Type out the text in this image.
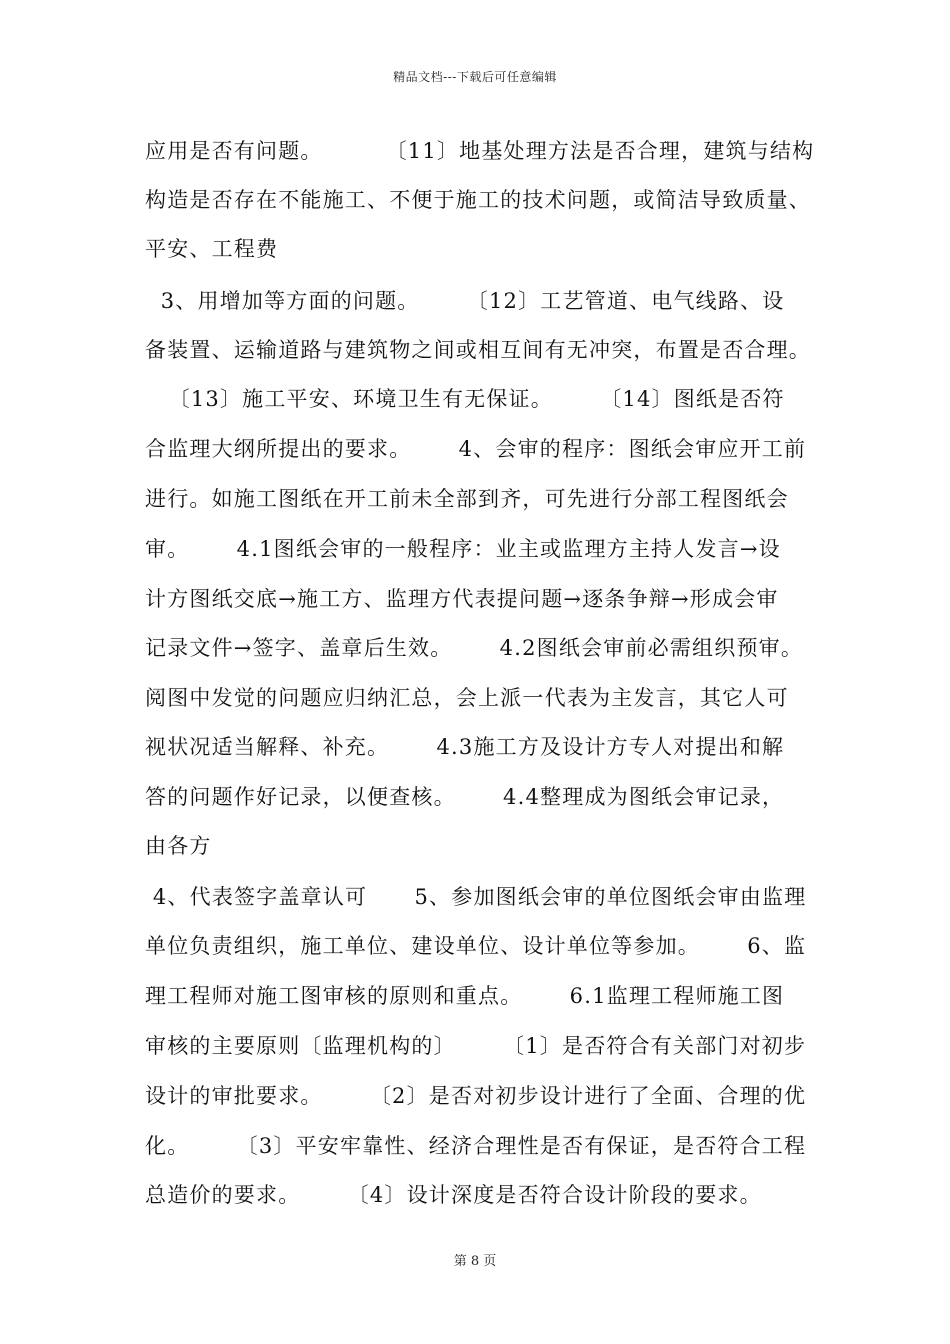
精品文档---下载后可任意编辑
应用是否有问题。        〔11〕地基处理方法是否合理，建筑与结构
构造是否存在不能施工、不便于施工的技术问题，或简洁导致质量、
平安、工程费
3、用增加等方面的问题。      〔12〕工艺管道、电气线路、设
备装置、运输道路与建筑物之间或相互间有无冲突，布置是否合理。
〔13〕施工平安、环境卫生有无保证。      〔14〕图纸是否符
合监理大纲所提出的要求。      4、会审的程序：图纸会审应开工前
进行。如施工图纸在开工前未全部到齐，可先进行分部工程图纸会
审。      4.1图纸会审的一般程序：业主或监理方主持人发言→设
计方图纸交底→施工方、监理方代表提问题→逐条争辩→形成会审
记录文件→签字、盖章后生效。      4.2图纸会审前必需组织预审。
阅图中发觉的问题应归纳汇总，会上派一代表为主发言，其它人可
视状况适当解释、补充。      4.3施工方及设计方专人对提出和解
答的问题作好记录，以便查核。      4.4整理成为图纸会审记录，
由各方
4、代表签字盖章认可      5、参加图纸会审的单位图纸会审由监理
单位负责组织，施工单位、建设单位、设计单位等参加。      6、监
理工程师对施工图审核的原则和重点。      6.1监理工程师施工图
审核的主要原则〔监理机构的〕      〔1〕是否符合有关部门对初步
设计的审批要求。      〔2〕是否对初步设计进行了全面、合理的优
化。      〔3〕平安牢靠性、经济合理性是否有保证，是否符合工程
总造价的要求。      〔4〕设计深度是否符合设计阶段的要求。
第 8 页
